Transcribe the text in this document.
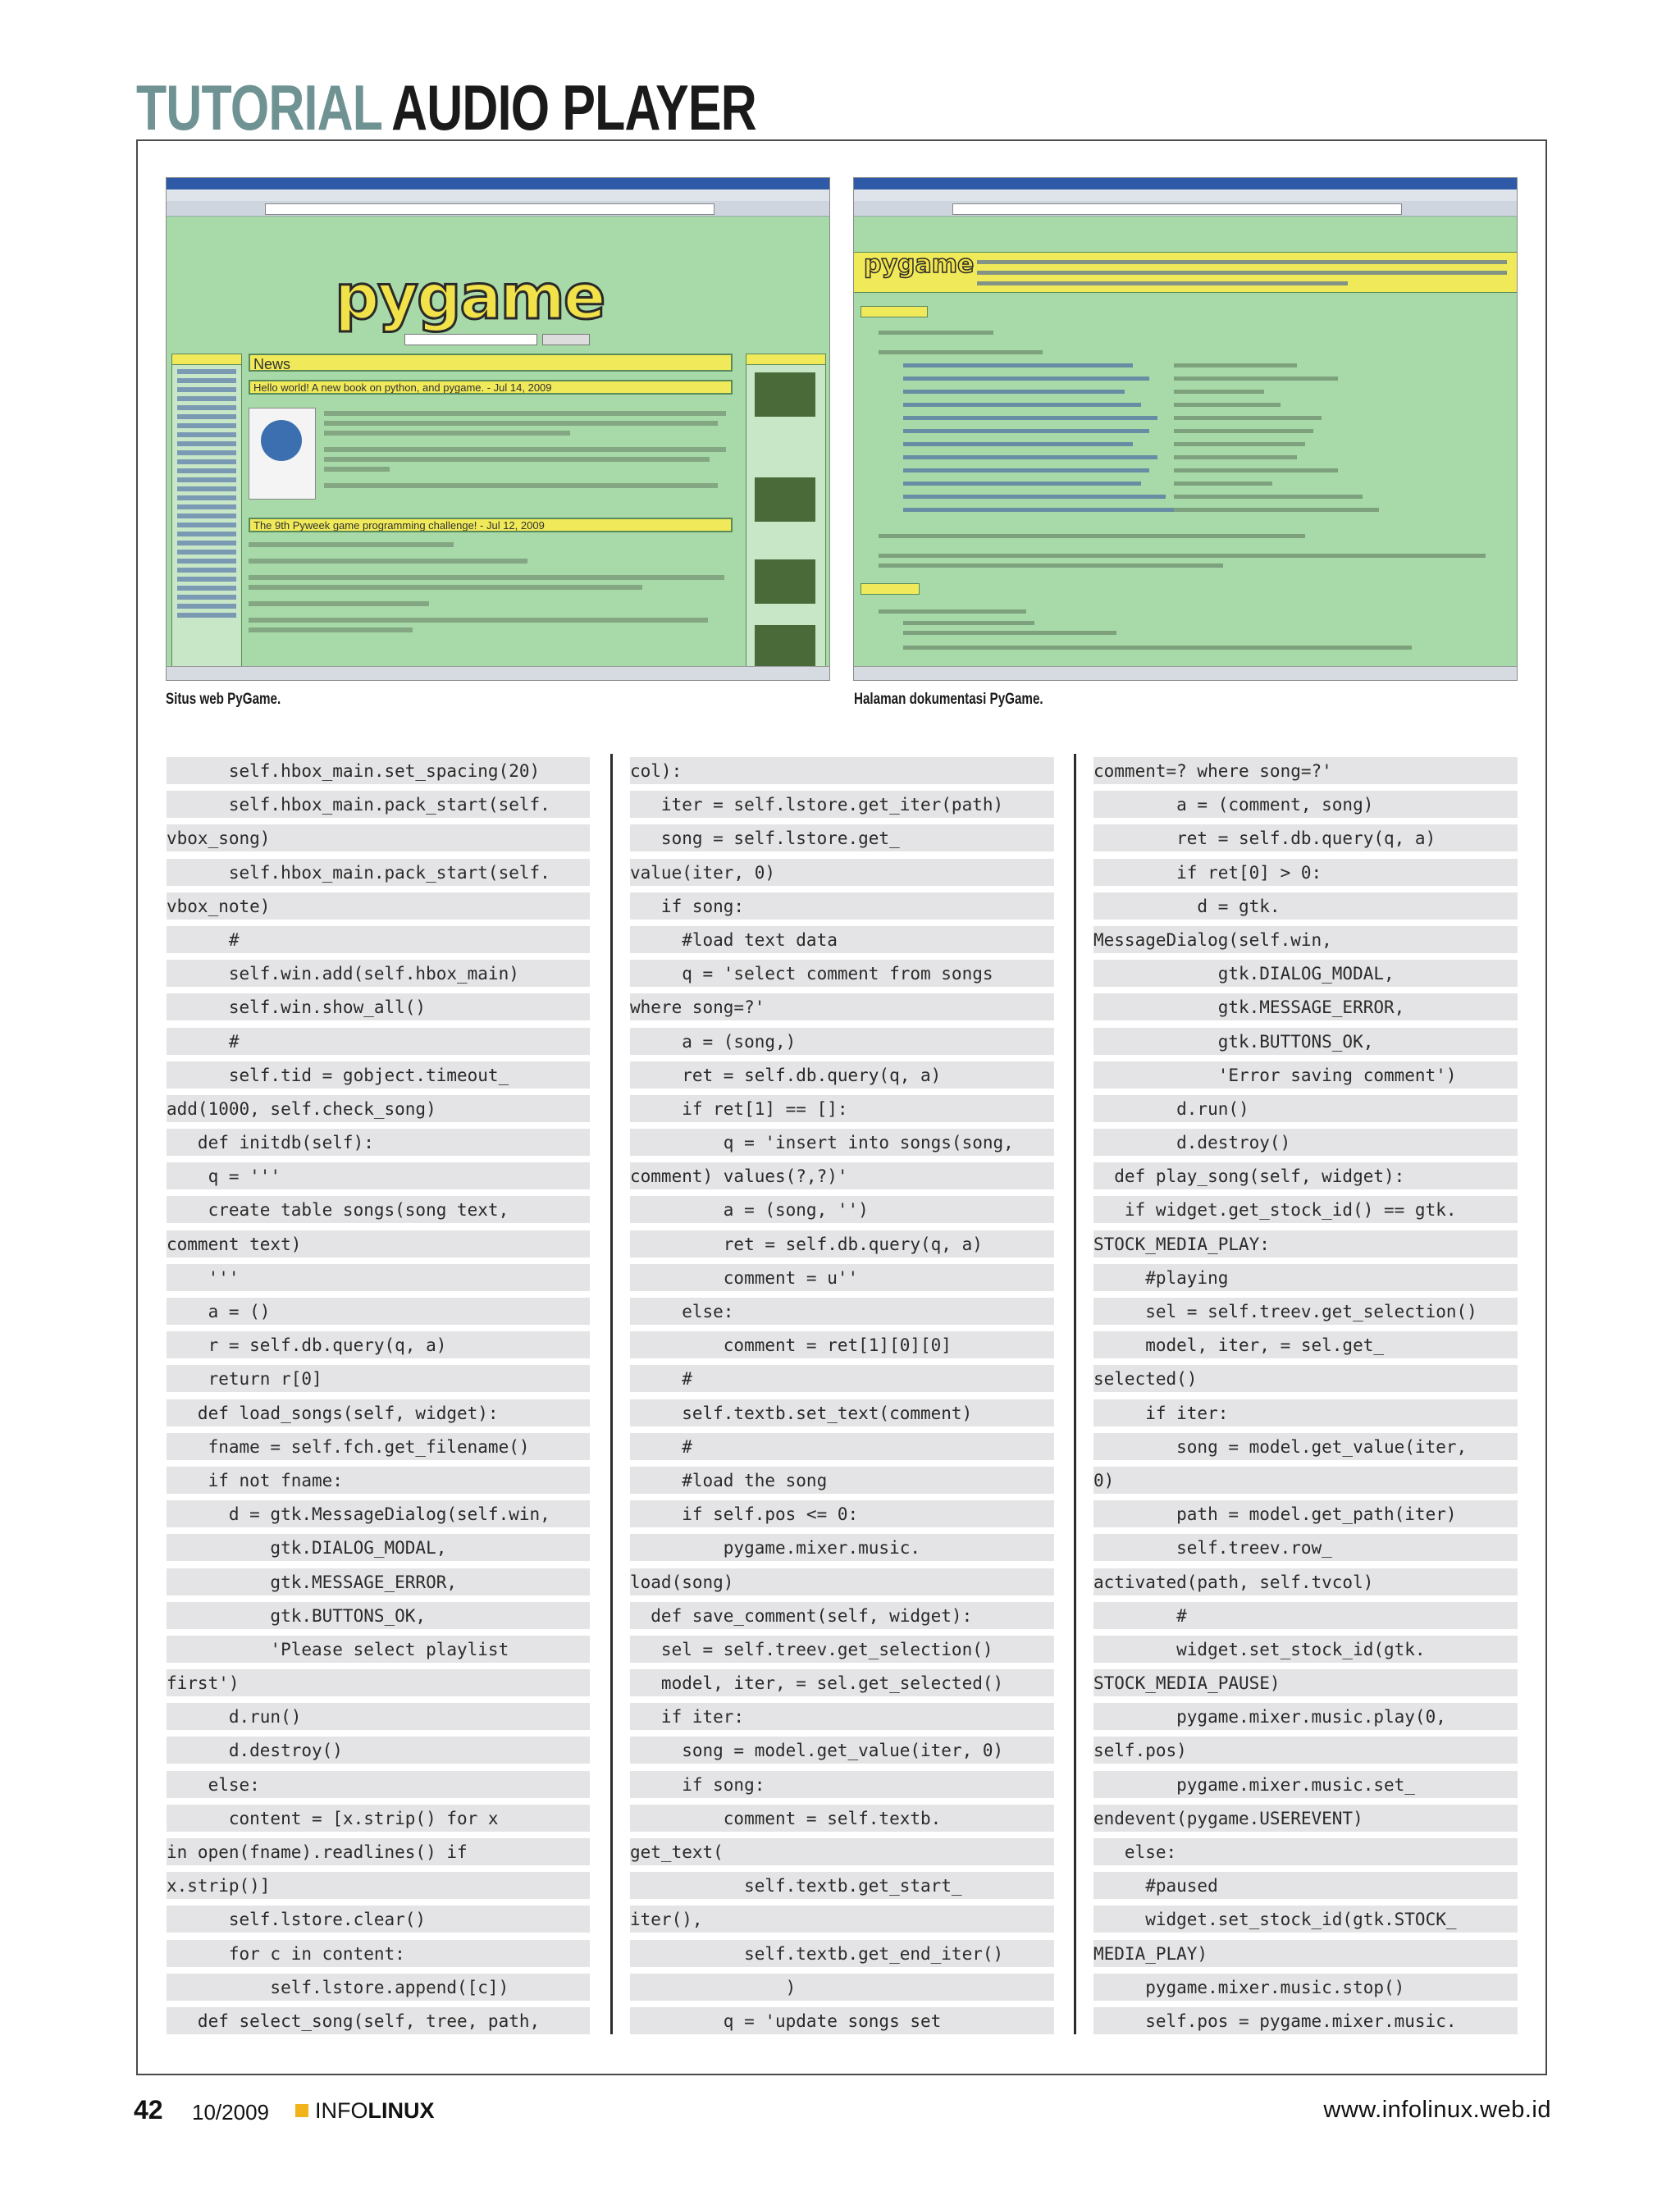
TUTORIAL AUDIO PLAYER
pygame
News
Hello world! A new book on python, and pygame. - Jul 14, 2009
The 9th Pyweek game programming challenge! - Jul 12, 2009
Situs web PyGame.
pygame
Halaman dokumentasi PyGame.
self.hbox_main.set_spacing(20)
self.hbox_main.pack_start(self.
vbox_song)
self.hbox_main.pack_start(self.
vbox_note)
#
self.win.add(self.hbox_main)
self.win.show_all()
#
self.tid = gobject.timeout_
add(1000, self.check_song)
def initdb(self):
q = '''
create table songs(song text,
comment text)
'''
a = ()
r = self.db.query(q, a)
return r[0]
def load_songs(self, widget):
fname = self.fch.get_filename()
if not fname:
d = gtk.MessageDialog(self.win,
gtk.DIALOG_MODAL,
gtk.MESSAGE_ERROR,
gtk.BUTTONS_OK,
'Please select playlist
first')
d.run()
d.destroy()
else:
content = [x.strip() for x
in open(fname).readlines() if
x.strip()]
self.lstore.clear()
for c in content:
self.lstore.append([c])
def select_song(self, tree, path,
col):
iter = self.lstore.get_iter(path)
song = self.lstore.get_
value(iter, 0)
if song:
#load text data
q = 'select comment from songs
where song=?'
a = (song,)
ret = self.db.query(q, a)
if ret[1] == []:
q = 'insert into songs(song,
comment) values(?,?)'
a = (song, '')
ret = self.db.query(q, a)
comment = u''
else:
comment = ret[1][0][0]
#
self.textb.set_text(comment)
#
#load the song
if self.pos <= 0:
pygame.mixer.music.
load(song)
def save_comment(self, widget):
sel = self.treev.get_selection()
model, iter, = sel.get_selected()
if iter:
song = model.get_value(iter, 0)
if song:
comment = self.textb.
get_text(
self.textb.get_start_
iter(),
self.textb.get_end_iter()
)
q = 'update songs set
comment=? where song=?'
a = (comment, song)
ret = self.db.query(q, a)
if ret[0] > 0:
d = gtk.
MessageDialog(self.win,
gtk.DIALOG_MODAL,
gtk.MESSAGE_ERROR,
gtk.BUTTONS_OK,
'Error saving comment')
d.run()
d.destroy()
def play_song(self, widget):
if widget.get_stock_id() == gtk.
STOCK_MEDIA_PLAY:
#playing
sel = self.treev.get_selection()
model, iter, = sel.get_
selected()
if iter:
song = model.get_value(iter,
0)
path = model.get_path(iter)
self.treev.row_
activated(path, self.tvcol)
#
widget.set_stock_id(gtk.
STOCK_MEDIA_PAUSE)
pygame.mixer.music.play(0,
self.pos)
pygame.mixer.music.set_
endevent(pygame.USEREVENT)
else:
#paused
widget.set_stock_id(gtk.STOCK_
MEDIA_PLAY)
pygame.mixer.music.stop()
self.pos = pygame.mixer.music.
42 10/2009 INFOLINUX	www.infolinux.web.id
